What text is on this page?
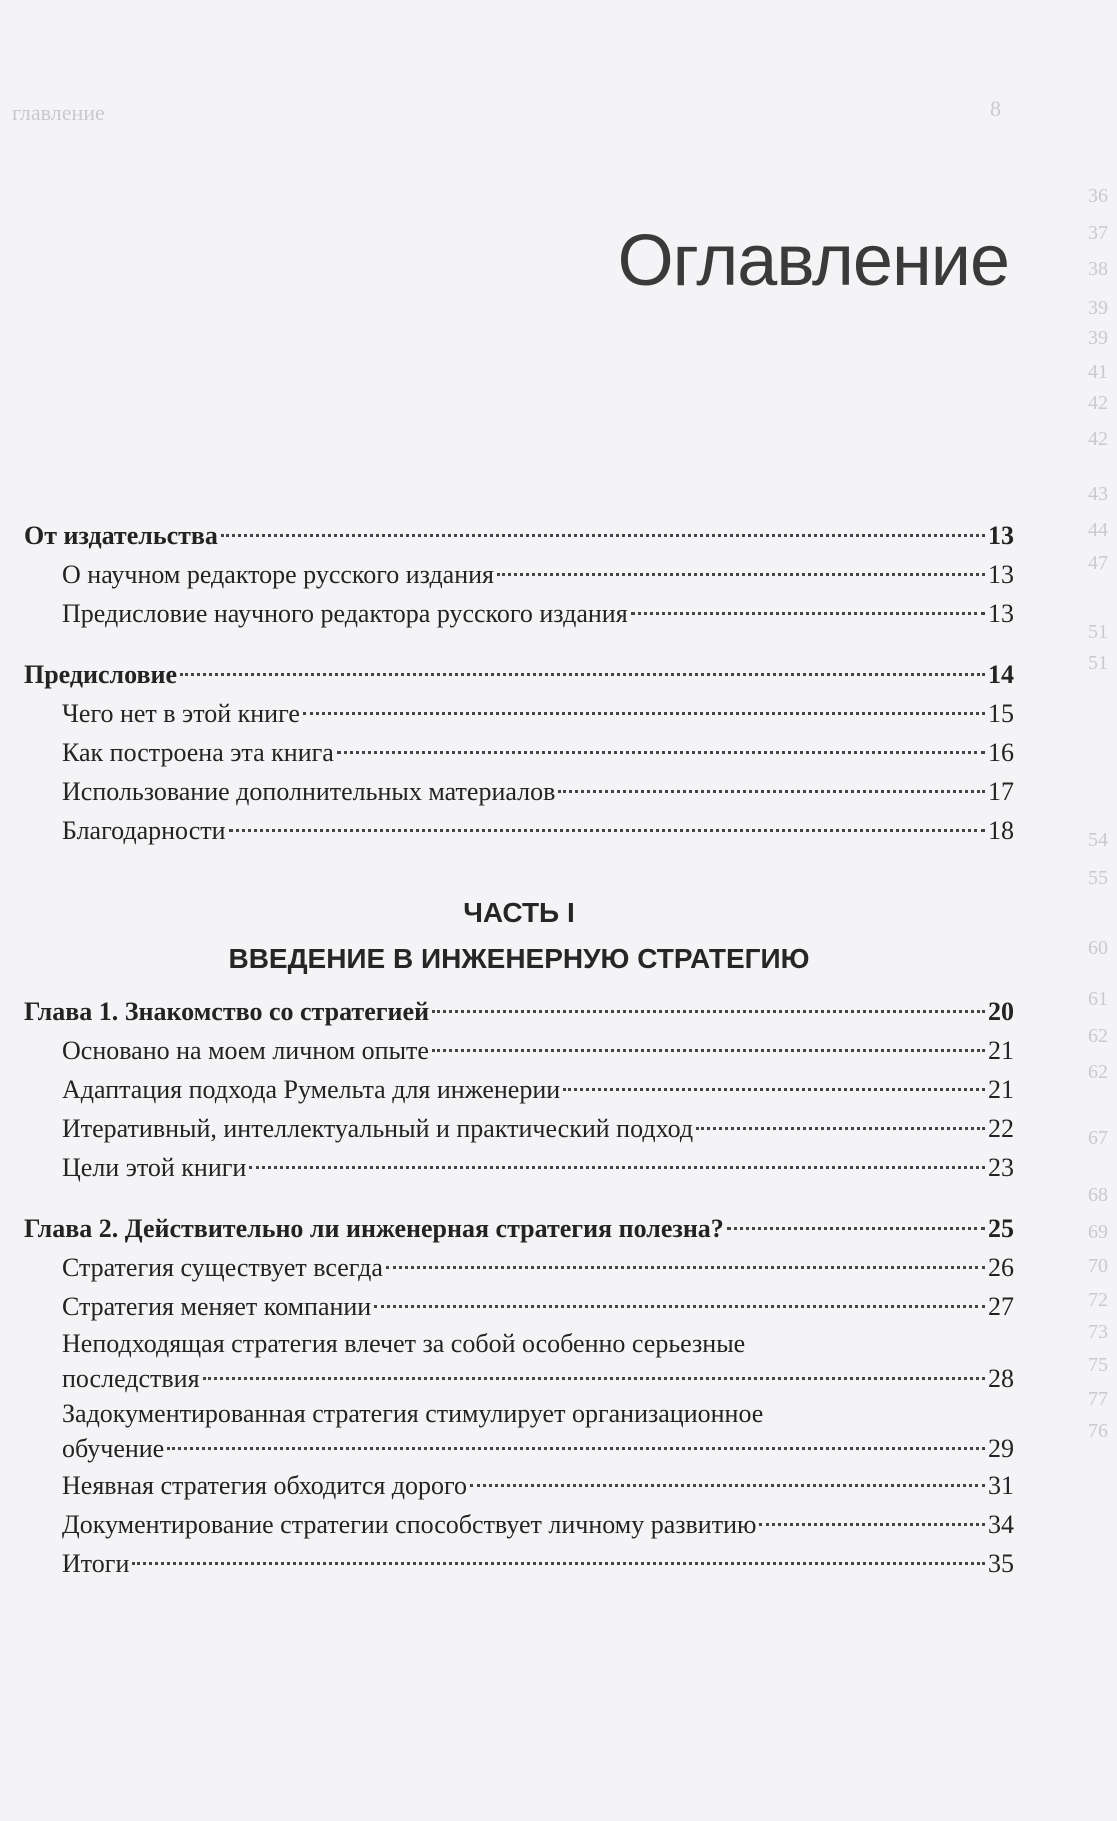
главление	8
36
37
38
39
39
41
42
42
43
44
47
51
51
54
55
60
61
62
62
67
68
69
70
72
73
75
77
76
Оглавление
От издательства	13
О научном редакторе русского издания	13
Предисловие научного редактора русского издания	13
Предисловие	14
Чего нет в этой книге	15
Как построена эта книга	16
Использование дополнительных материалов	17
Благодарности	18
ЧАСТЬ I
ВВЕДЕНИЕ В ИНЖЕНЕРНУЮ СТРАТЕГИЮ
Глава 1. Знакомство со стратегией	20
Основано на моем личном опыте	21
Адаптация подхода Румельта для инженерии	21
Итеративный, интеллектуальный и практический подход	22
Цели этой книги	23
Глава 2. Действительно ли инженерная стратегия полезна?	25
Стратегия существует всегда	26
Стратегия меняет компании	27
Неподходящая стратегия влечет за собой особенно серьезные
последствия	28
Задокументированная стратегия стимулирует организационное
обучение	29
Неявная стратегия обходится дорого	31
Документирование стратегии способствует личному развитию	34
Итоги	35
